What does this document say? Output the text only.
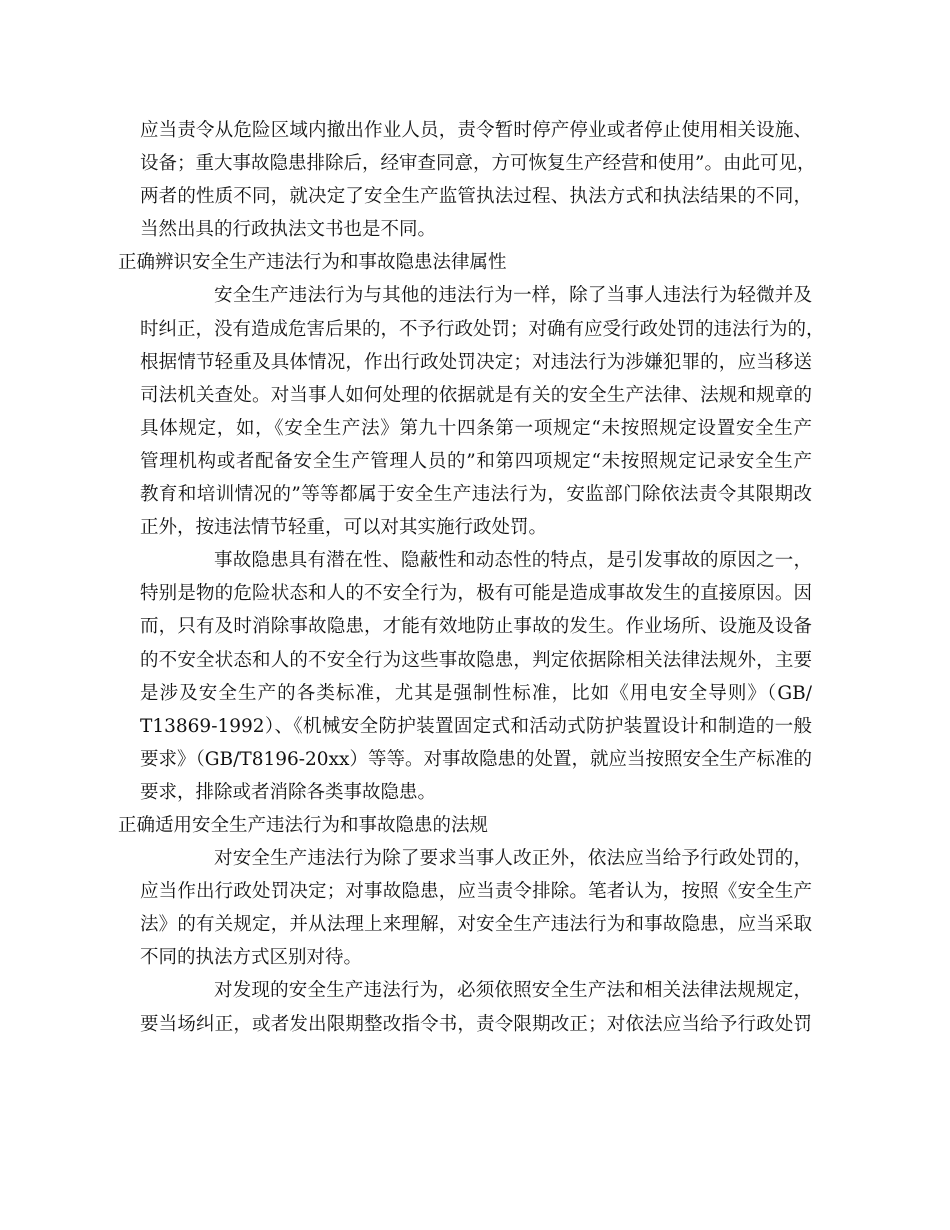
应当责令从危险区域内撤出作业人员，责令暂时停产停业或者停止使用相关设施、
设备；重大事故隐患排除后，经审查同意，方可恢复生产经营和使用”。由此可见，
两者的性质不同，就决定了安全生产监管执法过程、执法方式和执法结果的不同，
当然出具的行政执法文书也是不同。
正确辨识安全生产违法行为和事故隐患法律属性
安全生产违法行为与其他的违法行为一样，除了当事人违法行为轻微并及
时纠正，没有造成危害后果的，不予行政处罚；对确有应受行政处罚的违法行为的，
根据情节轻重及具体情况，作出行政处罚决定；对违法行为涉嫌犯罪的，应当移送
司法机关查处。对当事人如何处理的依据就是有关的安全生产法律、法规和规章的
具体规定，如，《安全生产法》第九十四条第一项规定“未按照规定设置安全生产
管理机构或者配备安全生产管理人员的”和第四项规定“未按照规定记录安全生产
教育和培训情况的”等等都属于安全生产违法行为，安监部门除依法责令其限期改
正外，按违法情节轻重，可以对其实施行政处罚。
事故隐患具有潜在性、隐蔽性和动态性的特点，是引发事故的原因之一，
特别是物的危险状态和人的不安全行为，极有可能是造成事故发生的直接原因。因
而，只有及时消除事故隐患，才能有效地防止事故的发生。作业场所、设施及设备
的不安全状态和人的不安全行为这些事故隐患，判定依据除相关法律法规外，主要
是涉及安全生产的各类标准，尤其是强制性标准，比如《用电安全导则》（GB/
T13869-1992）、《机械安全防护装置固定式和活动式防护装置设计和制造的一般
要求》（GB/T8196-20xx）等等。对事故隐患的处置，就应当按照安全生产标准的
要求，排除或者消除各类事故隐患。
正确适用安全生产违法行为和事故隐患的法规
对安全生产违法行为除了要求当事人改正外，依法应当给予行政处罚的，
应当作出行政处罚决定；对事故隐患，应当责令排除。笔者认为，按照《安全生产
法》的有关规定，并从法理上来理解，对安全生产违法行为和事故隐患，应当采取
不同的执法方式区别对待。
对发现的安全生产违法行为，必须依照安全生产法和相关法律法规规定，
要当场纠正，或者发出限期整改指令书，责令限期改正；对依法应当给予行政处罚
